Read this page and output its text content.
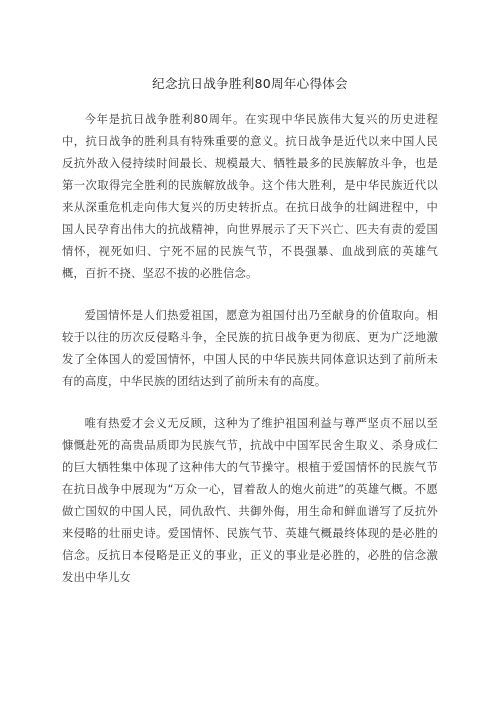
纪念抗日战争胜利80周年心得体会

今年是抗日战争胜利80周年。在实现中华民族伟大复兴的历史进程中，抗日战争的胜利具有特殊重要的意义。抗日战争是近代以来中国人民反抗外敌入侵持续时间最长、规模最大、牺牲最多的民族解放斗争，也是第一次取得完全胜利的民族解放战争。这个伟大胜利，是中华民族近代以来从深重危机走向伟大复兴的历史转折点。在抗日战争的壮阔进程中，中国人民孕育出伟大的抗战精神，向世界展示了天下兴亡、匹夫有责的爱国情怀，视死如归、宁死不屈的民族气节，不畏强暴、血战到底的英雄气概，百折不挠、坚忍不拔的必胜信念。

爱国情怀是人们热爱祖国，愿意为祖国付出乃至献身的价值取向。相较于以往的历次反侵略斗争，全民族的抗日战争更为彻底、更为广泛地激发了全体国人的爱国情怀，中国人民的中华民族共同体意识达到了前所未有的高度，中华民族的团结达到了前所未有的高度。

唯有热爱才会义无反顾，这种为了维护祖国利益与尊严坚贞不屈以至慷慨赴死的高贵品质即为民族气节，抗战中中国军民舍生取义、杀身成仁的巨大牺牲集中体现了这种伟大的气节操守。根植于爱国情怀的民族气节在抗日战争中展现为“万众一心，冒着敌人的炮火前进”的英雄气概。不愿做亡国奴的中国人民，同仇敌忾、共御外侮，用生命和鲜血谱写了反抗外来侵略的壮丽史诗。爱国情怀、民族气节、英雄气概最终体现的是必胜的信念。反抗日本侵略是正义的事业，正义的事业是必胜的，必胜的信念激发出中华儿女
